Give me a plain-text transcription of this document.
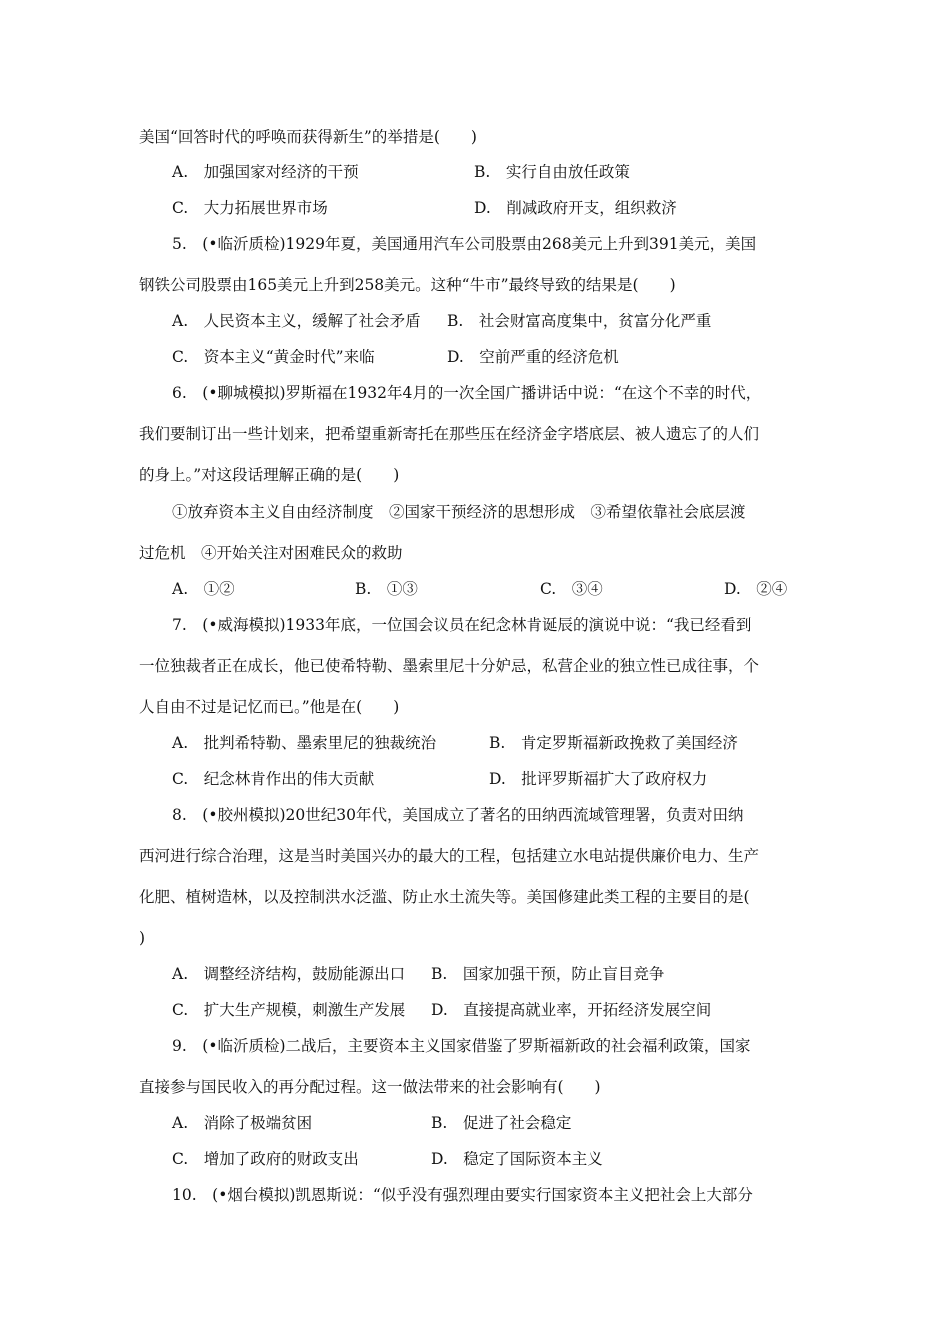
美国“回答时代的呼唤而获得新生”的举措是(　　)
A.　加强国家对经济的干预	B.　实行自由放任政策
C.　大力拓展世界市场	D.　削减政府开支，组织救济
5.　(•临沂质检)1929年夏，美国通用汽车公司股票由268美元上升到391美元，美国
钢铁公司股票由165美元上升到258美元。这种“牛市”最终导致的结果是(　　)
A.　人民资本主义，缓解了社会矛盾 B.　社会财富高度集中，贫富分化严重
C.　资本主义“黄金时代”来临	D.　空前严重的经济危机
6.　(•聊城模拟)罗斯福在1932年4月的一次全国广播讲话中说：“在这个不幸的时代，
我们要制订出一些计划来，把希望重新寄托在那些压在经济金字塔底层、被人遗忘了的人们
的身上。”对这段话理解正确的是(　　)
①放弃资本主义自由经济制度　②国家干预经济的思想形成　③希望依靠社会底层渡
过危机　④开始关注对困难民众的救助
A.　①②	B.　①③	C.　③④	D.　②④
7.　(•威海模拟)1933年底，一位国会议员在纪念林肯诞辰的演说中说：“我已经看到
一位独裁者正在成长，他已使希特勒、墨索里尼十分妒忌，私营企业的独立性已成往事，个
人自由不过是记忆而已。”他是在(　　)
A.　批判希特勒、墨索里尼的独裁统治	B.　肯定罗斯福新政挽救了美国经济
C.　纪念林肯作出的伟大贡献	D.　批评罗斯福扩大了政府权力
8.　(•胶州模拟)20世纪30年代，美国成立了著名的田纳西流域管理署，负责对田纳
西河进行综合治理，这是当时美国兴办的最大的工程，包括建立水电站提供廉价电力、生产
化肥、植树造林，以及控制洪水泛滥、防止水土流失等。美国修建此类工程的主要目的是(
)
A.　调整经济结构，鼓励能源出口 B.　国家加强干预，防止盲目竞争
C.　扩大生产规模，刺激生产发展 D.　直接提高就业率，开拓经济发展空间
9.　(•临沂质检)二战后，主要资本主义国家借鉴了罗斯福新政的社会福利政策，国家
直接参与国民收入的再分配过程。这一做法带来的社会影响有(　　)
A.　消除了极端贫困	B.　促进了社会稳定
C.　增加了政府的财政支出	D.　稳定了国际资本主义
10.　(•烟台模拟)凯恩斯说：“似乎没有强烈理由要实行国家资本主义把社会上大部分
